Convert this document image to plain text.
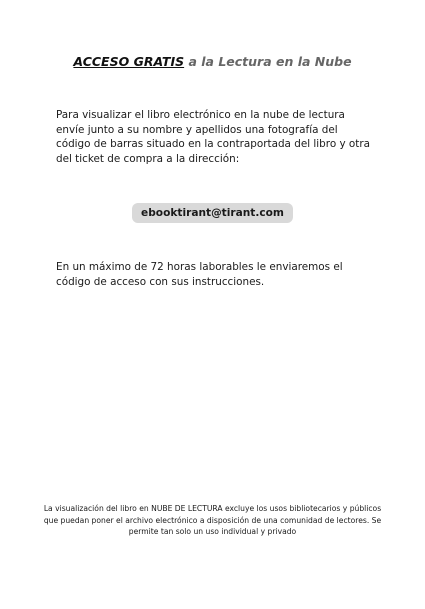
ACCESO GRATIS a la Lectura en la Nube

Para visualizar el libro electrónico en la nube de lectura envíe junto a su nombre y apellidos una fotografía del código de barras situado en la contraportada del libro y otra del ticket de compra a la dirección:

ebooktirant@tirant.com

En un máximo de 72 horas laborables le enviaremos el código de acceso con sus instrucciones.

La visualización del libro en NUBE DE LECTURA excluye los usos bibliotecarios y públicos que puedan poner el archivo electrónico a disposición de una comunidad de lectores. Se permite tan solo un uso individual y privado
